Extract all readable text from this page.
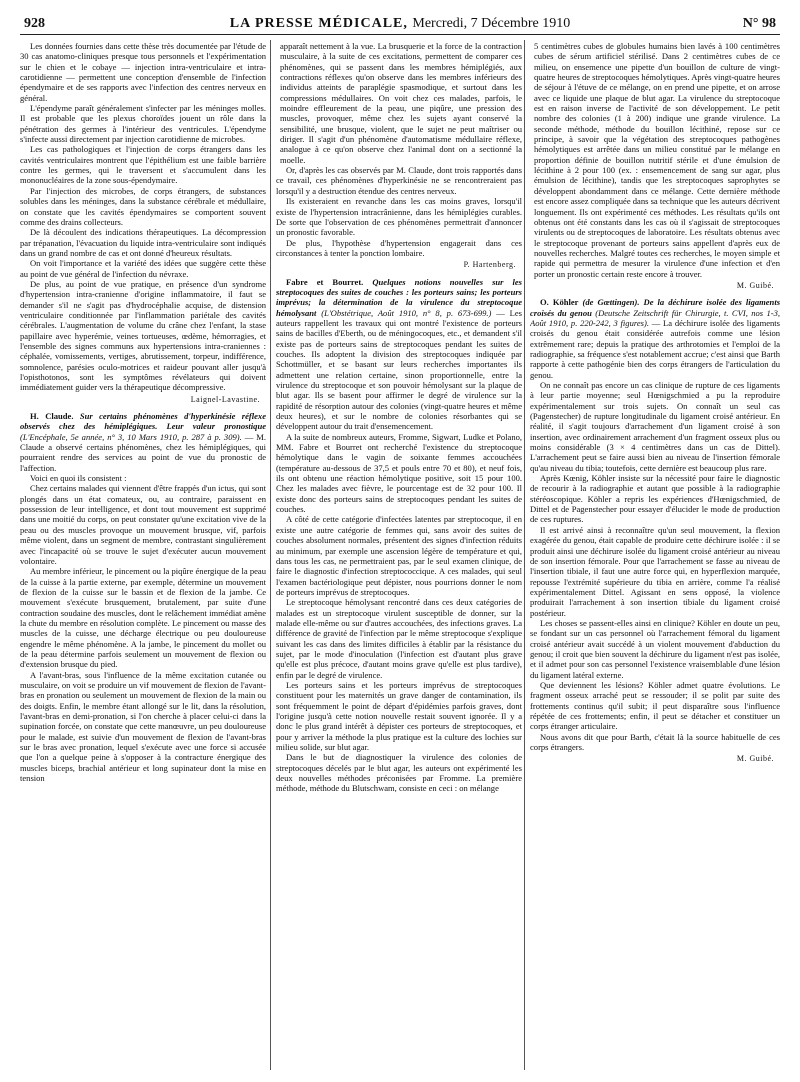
928	LA PRESSE MÉDICALE, Mercredi, 7 Décembre 1910	N° 98

Les données fournies dans cette thèse très documentée par l'étude de 30 cas anatomo-cliniques presque tous personnels et l'expérimentation sur le chien et le cobaye — injection intra-ventriculaire et intra-carotidienne — permettent une conception d'ensemble de l'infection épendymaire et de ses rapports avec l'infection des centres nerveux en général.

L'épendyme paraît généralement s'infecter par les méninges molles. Il est probable que les plexus choroïdes jouent un rôle dans la pénétration des germes à l'intérieur des ventricules. L'épendyme s'infecte aussi directement par injection carotidienne de microbes.

Les cas pathologiques et l'injection de corps étrangers dans les cavités ventriculaires montrent que l'épithélium est une faible barrière contre les germes, qui le traversent et s'accumulent dans les mononucléaires de la zone sous-épendymaire.

Par l'injection des microbes, de corps étrangers, de substances solubles dans les méninges, dans la substance cérébrale et médullaire, on constate que les cavités épendymaires se comportent souvent comme des drains collecteurs.

De là découlent des indications thérapeutiques. La décompression par trépanation, l'évacuation du liquide intra-ventriculaire sont indiqués dans un grand nombre de cas et ont donné d'heureux résultats.

On voit l'importance et la variété des idées que suggère cette thèse au point de vue général de l'infection du névraxe.

De plus, au point de vue pratique, en présence d'un syndrome d'hypertension intra-cranienne d'origine inflammatoire, il faut se demander s'il ne s'agit pas d'hydrocéphalie acquise, de distension ventriculaire conditionnée par l'inflammation pariétale des cavités cérébrales. L'augmentation de volume du crâne chez l'enfant, la stase papillaire avec hyperémie, veines tortueuses, œdème, hémorragies, et l'ensemble des signes communs aux hypertensions intra-craniennes : céphalée, vomissements, vertiges, abrutissement, torpeur, indifférence, somnolence, parésies oculo-motrices et raideur pouvant aller jusqu'à l'opisthotonos, sont les symptômes révélateurs qui doivent immédiatement guider vers la thérapeutique décompressive.

Laignel-Lavastine.

H. Claude. Sur certains phénomènes d'hyperkinésie réflexe observés chez des hémiplégiques. Leur valeur pronostique (L'Encéphale, 5e année, n° 3, 10 Mars 1910, p. 287 à p. 309). — M. Claude a observé certains phénomènes, chez les hémiplégiques, qui pourraient rendre des services au point de vue du pronostic de l'affection.

Voici en quoi ils consistent :

Chez certains malades qui viennent d'être frappés d'un ictus, qui sont plongés dans un état comateux, ou, au contraire, paraissent en possession de leur intelligence, et dont tout mouvement est supprimé dans une moitié du corps, on peut constater qu'une excitation vive de la peau ou des muscles provoque un mouvement brusque, vif, parfois même violent, dans un segment de membre, contrastant singulièrement avec l'incapacité où se trouve le sujet d'exécuter aucun mouvement volontaire.

Au membre inférieur, le pincement ou la piqûre énergique de la peau de la cuisse à la partie externe, par exemple, détermine un mouvement de flexion de la cuisse sur le bassin et de flexion de la jambe. Ce mouvement s'exécute brusquement, brutalement, par suite d'une contraction soudaine des muscles, dont le relâchement immédiat amène la chute du membre en résolution complète. Le pincement ou masse des muscles de la cuisse, une décharge électrique ou peu douloureuse engendre le même phénomène. A la jambe, le pincement du mollet ou de la peau détermine parfois seulement un mouvement de flexion ou d'extension brusque du pied.

A l'avant-bras, sous l'influence de la même excitation cutanée ou musculaire, on voit se produire un vif mouvement de flexion de l'avant-bras en pronation ou seulement un mouvement de flexion de la main ou des doigts. Enfin, le membre étant allongé sur le lit, dans la résolution, l'avant-bras en demi-pronation, si l'on cherche à placer celui-ci dans la supination forcée, on constate que cette manœuvre, un peu douloureuse pour le malade, est suivie d'un mouvement de flexion de l'avant-bras sur le bras avec pronation, lequel s'exécute avec une force si accusée que l'on a quelque peine à s'opposer à la contracture énergique des muscles biceps, brachial antérieur et long supinateur dont la mise en tension

apparaît nettement à la vue. La brusquerie et la force de la contraction musculaire, à la suite de ces excitations, permettent de comparer ces phénomènes, qui se passent dans les membres hémiplégiés, aux contractions réflexes qu'on observe dans les membres inférieurs des individus atteints de paraplégie spasmodique, et surtout dans les compressions médullaires. On voit chez ces malades, parfois, le moindre effleurement de la peau, une piqûre, une pression des muscles, provoquer, même chez les sujets ayant conservé la sensibilité, une brusque, violent, que le sujet ne peut maîtriser ou diriger. Il s'agit d'un phénomène d'automatisme médullaire réflexe, analogue à ce qu'on observe chez l'animal dont on a sectionné la moelle.

Or, d'après les cas observés par M. Claude, dont trois rapportés dans ce travail, ces phénomènes d'hyperkinésie ne se rencontreraient pas lorsqu'il y a destruction étendue des centres nerveux.

Ils existeraient en revanche dans les cas moins graves, lorsqu'il existe de l'hypertension intracrânienne, dans les hémiplégies curables. De sorte que l'observation de ces phénomènes permettrait d'annoncer un pronostic favorable.

De plus, l'hypothèse d'hypertension engagerait dans ces circonstances à tenter la ponction lombaire.

P. Hartenberg.

Fabre et Bourret. Quelques notions nouvelles sur les streptocoques des suites de couches : les porteurs sains; les porteurs imprévus; la détermination de la virulence du streptocoque hémolysant (L'Obstétrique, Août 1910, n° 8, p. 673-699.) — Les auteurs rappellent les travaux qui ont montré l'existence de porteurs sains de bacilles d'Eberth, ou de méningocoques, etc., et demandent s'il existe pas de porteurs sains de streptocoques pendant les suites de couches. Ils adoptent la division des streptocoques indiquée par Schottmüller, et se basant sur leurs recherches importantes ils admettent une relation certaine, sinon proportionnelle, entre la virulence du streptocoque et son pouvoir hémolysant sur la plaque de blut agar. Ils se basent pour affirmer le degré de virulence sur la rapidité de résorption autour des colonies (vingt-quatre heures et même deux heures), et sur le nombre de colonies résorbantes qui se développent autour du trait d'ensemencement.

A la suite de nombreux auteurs, Fromme, Sigwart, Ludke et Polano, MM. Fabre et Bourret ont recherché l'existence du streptocoque hémolytique dans le vagin de soixante femmes accouchées (température au-dessous de 37,5 et pouls entre 70 et 80), et neuf fois, ils ont obtenu une réaction hémolytique positive, soit 15 pour 100. Chez les malades avec fièvre, le pourcentage est de 32 pour 100. Il existe donc des porteurs sains de streptocoques pendant les suites de couches.

A côté de cette catégorie d'infectées latentes par streptocoque, il en existe une autre catégorie de femmes qui, sans avoir des suites de couches absolument normales, présentent des signes d'infection réduits au minimum, par exemple une ascension légère de température et qui, dans tous les cas, ne permettraient pas, par le seul examen clinique, de faire le diagnostic d'infection streptococcique. A ces malades, qui seul l'examen bactériologique peut dépister, nous pourrions donner le nom de porteurs imprévus de streptocoques.

Le streptocoque hémolysant rencontré dans ces deux catégories de malades est un streptocoque virulent susceptible de donner, sur la malade elle-même ou sur d'autres accouchées, des infections graves. La différence de gravité de l'infection par le même streptocoque s'explique suivant les cas dans des limites difficiles à établir par la résistance du sujet, par le mode d'inoculation (l'infection est d'autant plus grave qu'elle est plus précoce, d'autant moins grave qu'elle est plus tardive), enfin par le degré de virulence.

Les porteurs sains et les porteurs imprévus de streptocoques constituent pour les maternités un grave danger de contamination, ils sont fréquemment le point de départ d'épidémies parfois graves, dont l'origine jusqu'à cette notion nouvelle restait souvent ignorée. Il y a donc le plus grand intérêt à dépister ces porteurs de streptocoques, et pour y arriver la méthode la plus pratique est la culture des lochies sur milieu solide, sur blut agar.

Dans le but de diagnostiquer la virulence des colonies de streptocoques décelés par le blut agar, les auteurs ont expérimenté les deux nouvelles méthodes préconisées par Fromme. La première méthode, méthode du Blutschwam, consiste en ceci : on mélange

5 centimètres cubes de globules humains bien lavés à 100 centimètres cubes de sérum artificiel stérilisé. Dans 2 centimètres cubes de ce milieu, on ensemence une pipette d'un bouillon de culture de vingt-quatre heures de streptocoques hémolytiques. Après vingt-quatre heures de séjour à l'étuve de ce mélange, on en prend une pipette, et on arrose avec ce liquide une plaque de blut agar. La virulence du streptocoque est en raison inverse de l'activité de son développement. Le petit nombre des colonies (1 à 200) indique une grande virulence. La seconde méthode, méthode du bouillon lécithiné, repose sur ce principe, à savoir que la végétation des streptocoques pathogènes hémolytiques est arrêtée dans un milieu constitué par le mélange en proportion définie de bouillon nutritif stérile et d'une émulsion de lécithine à 2 pour 100 (ex. : ensemencement de sang sur agar, plus émulsion de lécithine), tandis que les streptocoques saprophytes se développent abondamment dans ce mélange. Cette dernière méthode est encore assez compliquée dans sa technique que les auteurs décrivent longuement. Ils ont expérimenté ces méthodes. Les résultats qu'ils ont obtenus ont été constants dans les cas où il s'agissait de streptocoques virulents ou de streptocoques de laboratoire. Les résultats obtenus avec le streptocoque provenant de porteurs sains appellent d'après eux de nouvelles recherches. Malgré toutes ces recherches, le moyen simple et rapide qui permettra de mesurer la virulence d'une infection et d'en porter un pronostic certain reste encore à trouver.

M. Guibé.

O. Köhler (de Gœttingen). De la déchirure isolée des ligaments croisés du genou (Deutsche Zeitschrift für Chirurgie, t. CVI, nos 1-3, Août 1910, p. 220-242, 3 figures). — La déchirure isolée des ligaments croisés du genou était considérée autrefois comme une lésion extrêmement rare; depuis la pratique des arthrotomies et l'emploi de la radiographie, sa fréquence s'est notablement accrue; c'est ainsi que Barth rapporte à cette pathogénie bien des corps étrangers de l'articulation du genou.

On ne connaît pas encore un cas clinique de rupture de ces ligaments à leur partie moyenne; seul Hœnigschmied a pu la reproduire expérimentalement sur trois sujets. On connaît un seul cas (Pagenstecher) de rupture longitudinale du ligament croisé antérieur. En réalité, il s'agit toujours d'arrachement d'un ligament croisé à son insertion, avec ordinairement arrachement d'un fragment osseux plus ou moins considérable (3 × 4 centimètres dans un cas de Dittel). L'arrachement peut se faire aussi bien au niveau de l'insertion fémorale qu'au niveau du tibia; toutefois, cette dernière est beaucoup plus rare.

Après Kœnig, Köhler insiste sur la nécessité pour faire le diagnostic de recourir à la radiographie et autant que possible à la radiographie stéréoscopique. Köhler a repris les expériences d'Hœnigschmied, de Dittel et de Pagenstecher pour essayer d'élucider le mode de production de ces ruptures.

Il est arrivé ainsi à reconnaître qu'un seul mouvement, la flexion exagérée du genou, était capable de produire cette déchirure isolée : il se produit ainsi une déchirure isolée du ligament croisé antérieur au niveau de son insertion fémorale. Pour que l'arrachement se fasse au niveau de l'insertion tibiale, il faut une autre force qui, en hyperflexion marquée, repousse l'extrémité supérieure du tibia en arrière, comme l'a réalisé expérimentalement Dittel. Agissant en sens opposé, la violence produirait l'arrachement à son insertion tibiale du ligament croisé postérieur.

Les choses se passent-elles ainsi en clinique? Köhler en doute un peu, se fondant sur un cas personnel où l'arrachement fémoral du ligament croisé antérieur avait succédé à un violent mouvement d'abduction du genou; il croit que bien souvent la déchirure du ligament n'est pas isolée, et il admet pour son cas personnel l'existence vraisemblable d'une lésion du ligament latéral externe.

Que deviennent les lésions? Köhler admet quatre évolutions. Le fragment osseux arraché peut se ressouder; il se polit par suite des frottements continus qu'il subit; il peut disparaître sous l'influence répétée de ces frottements; enfin, il peut se détacher et constituer un corps étranger articulaire.

Nous avons dit que pour Barth, c'était là la source habituelle de ces corps étrangers.

M. Guibé.
